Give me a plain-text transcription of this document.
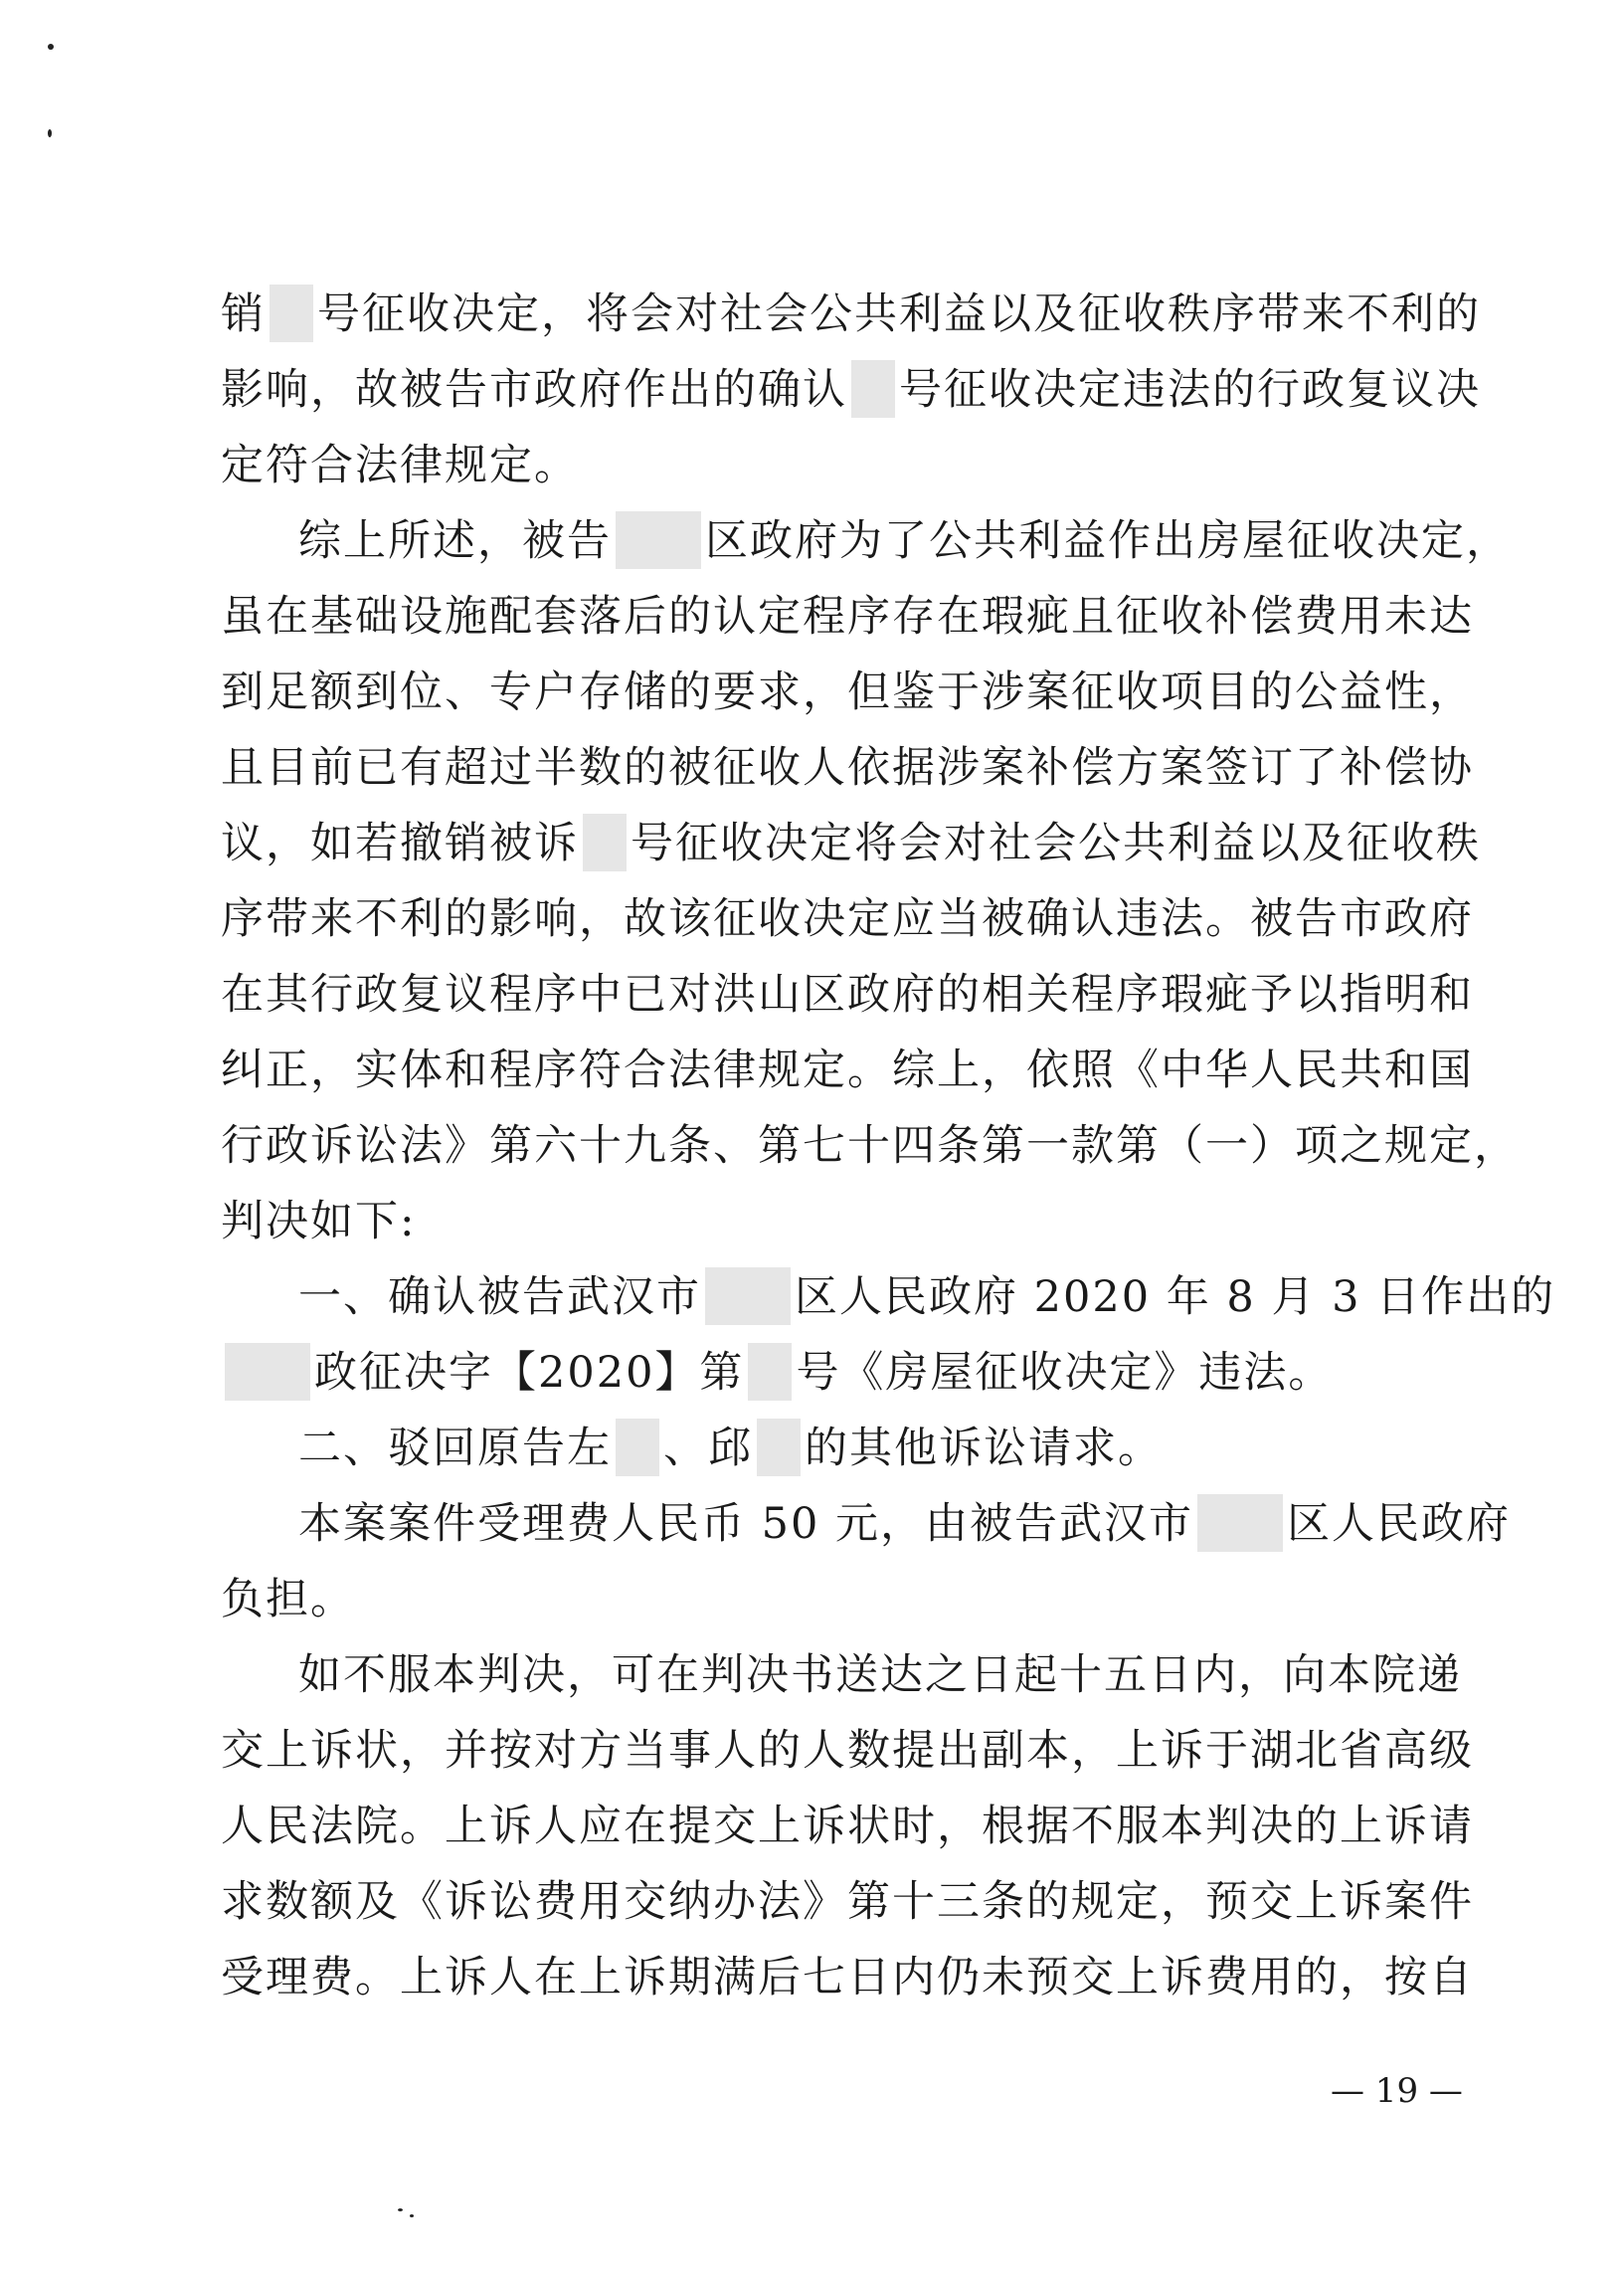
销 号征收决定，将会对社会公共利益以及征收秩序带来不利的
影响，故被告市政府作出的确认 号征收决定违法的行政复议决
定符合法律规定。
综上所述，被告 区政府为了公共利益作出房屋征收决定，
虽在基础设施配套落后的认定程序存在瑕疵且征收补偿费用未达
到足额到位、专户存储的要求，但鉴于涉案征收项目的公益性，
且目前已有超过半数的被征收人依据涉案补偿方案签订了补偿协
议，如若撤销被诉 号征收决定将会对社会公共利益以及征收秩
序带来不利的影响，故该征收决定应当被确认违法。被告市政府
在其行政复议程序中已对洪山区政府的相关程序瑕疵予以指明和
纠正，实体和程序符合法律规定。综上，依照《中华人民共和国
行政诉讼法》第六十九条、第七十四条第一款第（一）项之规定，
判决如下:
一、确认被告武汉市 区人民政府 2020 年 8 月 3 日作出的
政征决字【2020】第 号《房屋征收决定》违法。
二、驳回原告左 、邱 的其他诉讼请求。
本案案件受理费人民币 50 元，由被告武汉市 区人民政府
负担。
如不服本判决，可在判决书送达之日起十五日内，向本院递
交上诉状，并按对方当事人的人数提出副本，上诉于湖北省高级
人民法院。上诉人应在提交上诉状时，根据不服本判决的上诉请
求数额及《诉讼费用交纳办法》第十三条的规定，预交上诉案件
受理费。上诉人在上诉期满后七日内仍未预交上诉费用的，按自
— 19 —
